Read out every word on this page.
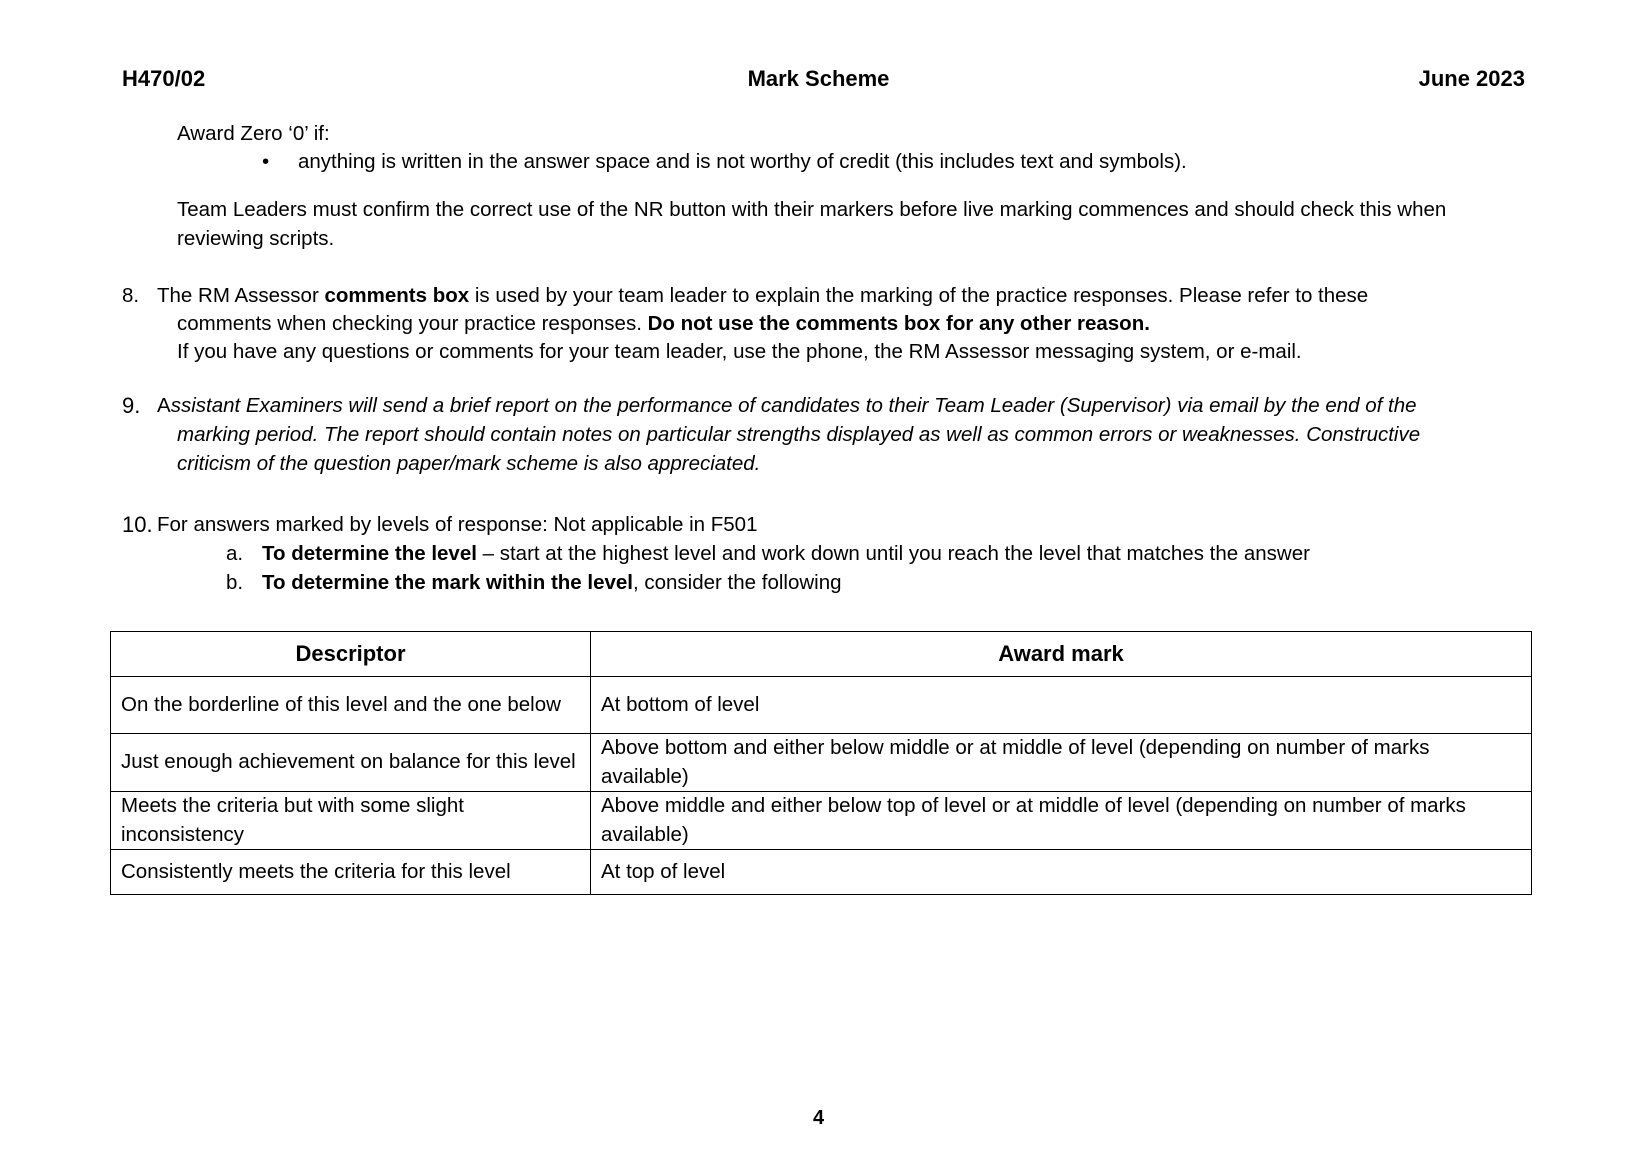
H470/02	Mark Scheme	June 2023
Award Zero ‘0’ if:
• anything is written in the answer space and is not worthy of credit (this includes text and symbols).
Team Leaders must confirm the correct use of the NR button with their markers before live marking commences and should check this when
reviewing scripts.
8. The RM Assessor comments box is used by your team leader to explain the marking of the practice responses. Please refer to these
comments when checking your practice responses. Do not use the comments box for any other reason.
If you have any questions or comments for your team leader, use the phone, the RM Assessor messaging system, or e-mail.
9. Assistant Examiners will send a brief report on the performance of candidates to their Team Leader (Supervisor) via email by the end of the
marking period. The report should contain notes on particular strengths displayed as well as common errors or weaknesses. Constructive
criticism of the question paper/mark scheme is also appreciated.
10. For answers marked by levels of response: Not applicable in F501
a. To determine the level – start at the highest level and work down until you reach the level that matches the answer
b. To determine the mark within the level, consider the following
Descriptor	Award mark
On the borderline of this level and the one below	At bottom of level
Just enough achievement on balance for this level	Above bottom and either below middle or at middle of level (depending on number of marks available)
Meets the criteria but with some slight inconsistency	Above middle and either below top of level or at middle of level (depending on number of marks available)
Consistently meets the criteria for this level	At top of level
4
